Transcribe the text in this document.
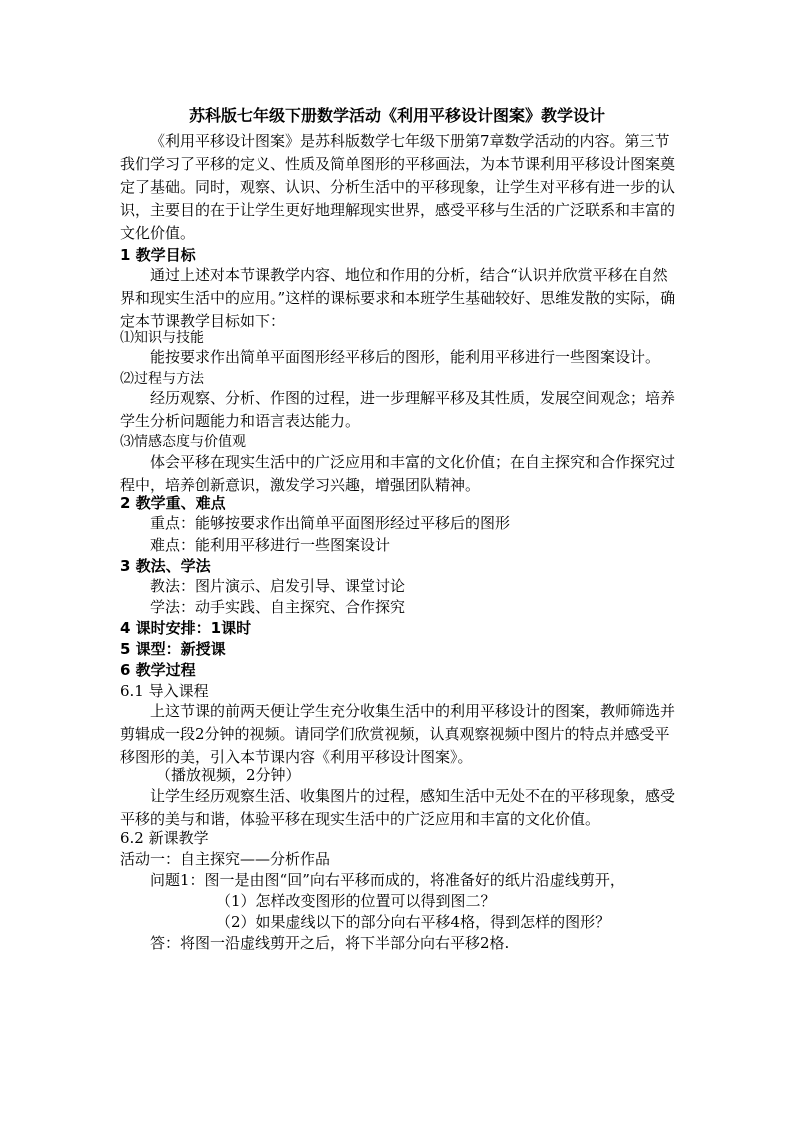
苏科版七年级下册数学活动《利用平移设计图案》教学设计
《利用平移设计图案》是苏科版数学七年级下册第7章数学活动的内容。第三节我们学习了平移的定义、性质及简单图形的平移画法，为本节课利用平移设计图案奠定了基础。同时，观察、认识、分析生活中的平移现象，让学生对平移有进一步的认识，主要目的在于让学生更好地理解现实世界，感受平移与生活的广泛联系和丰富的文化价值。
1 教学目标
通过上述对本节课教学内容、地位和作用的分析，结合“认识并欣赏平移在自然界和现实生活中的应用。”这样的课标要求和本班学生基础较好、思维发散的实际，确定本节课教学目标如下：
⑴知识与技能
能按要求作出简单平面图形经平移后的图形，能利用平移进行一些图案设计。
⑵过程与方法
经历观察、分析、作图的过程，进一步理解平移及其性质，发展空间观念；培养学生分析问题能力和语言表达能力。
⑶情感态度与价值观
体会平移在现实生活中的广泛应用和丰富的文化价值；在自主探究和合作探究过程中，培养创新意识，激发学习兴趣，增强团队精神。
2 教学重、难点
重点：能够按要求作出简单平面图形经过平移后的图形
难点：能利用平移进行一些图案设计
3 教法、学法
教法：图片演示、启发引导、课堂讨论
学法：动手实践、自主探究、合作探究
4 课时安排：1课时
5 课型：新授课
6 教学过程
6.1 导入课程
上这节课的前两天便让学生充分收集生活中的利用平移设计的图案，教师筛选并剪辑成一段2分钟的视频。请同学们欣赏视频，认真观察视频中图片的特点并感受平移图形的美，引入本节课内容《利用平移设计图案》。
（播放视频，2分钟）
让学生经历观察生活、收集图片的过程，感知生活中无处不在的平移现象，感受平移的美与和谐，体验平移在现实生活中的广泛应用和丰富的文化价值。
6.2 新课教学
活动一：自主探究——分析作品
问题1：图一是由图“回”向右平移而成的，将准备好的纸片沿虚线剪开，
（1）怎样改变图形的位置可以得到图二？
（2）如果虚线以下的部分向右平移4格，得到怎样的图形？
答：将图一沿虚线剪开之后，将下半部分向右平移2格.
